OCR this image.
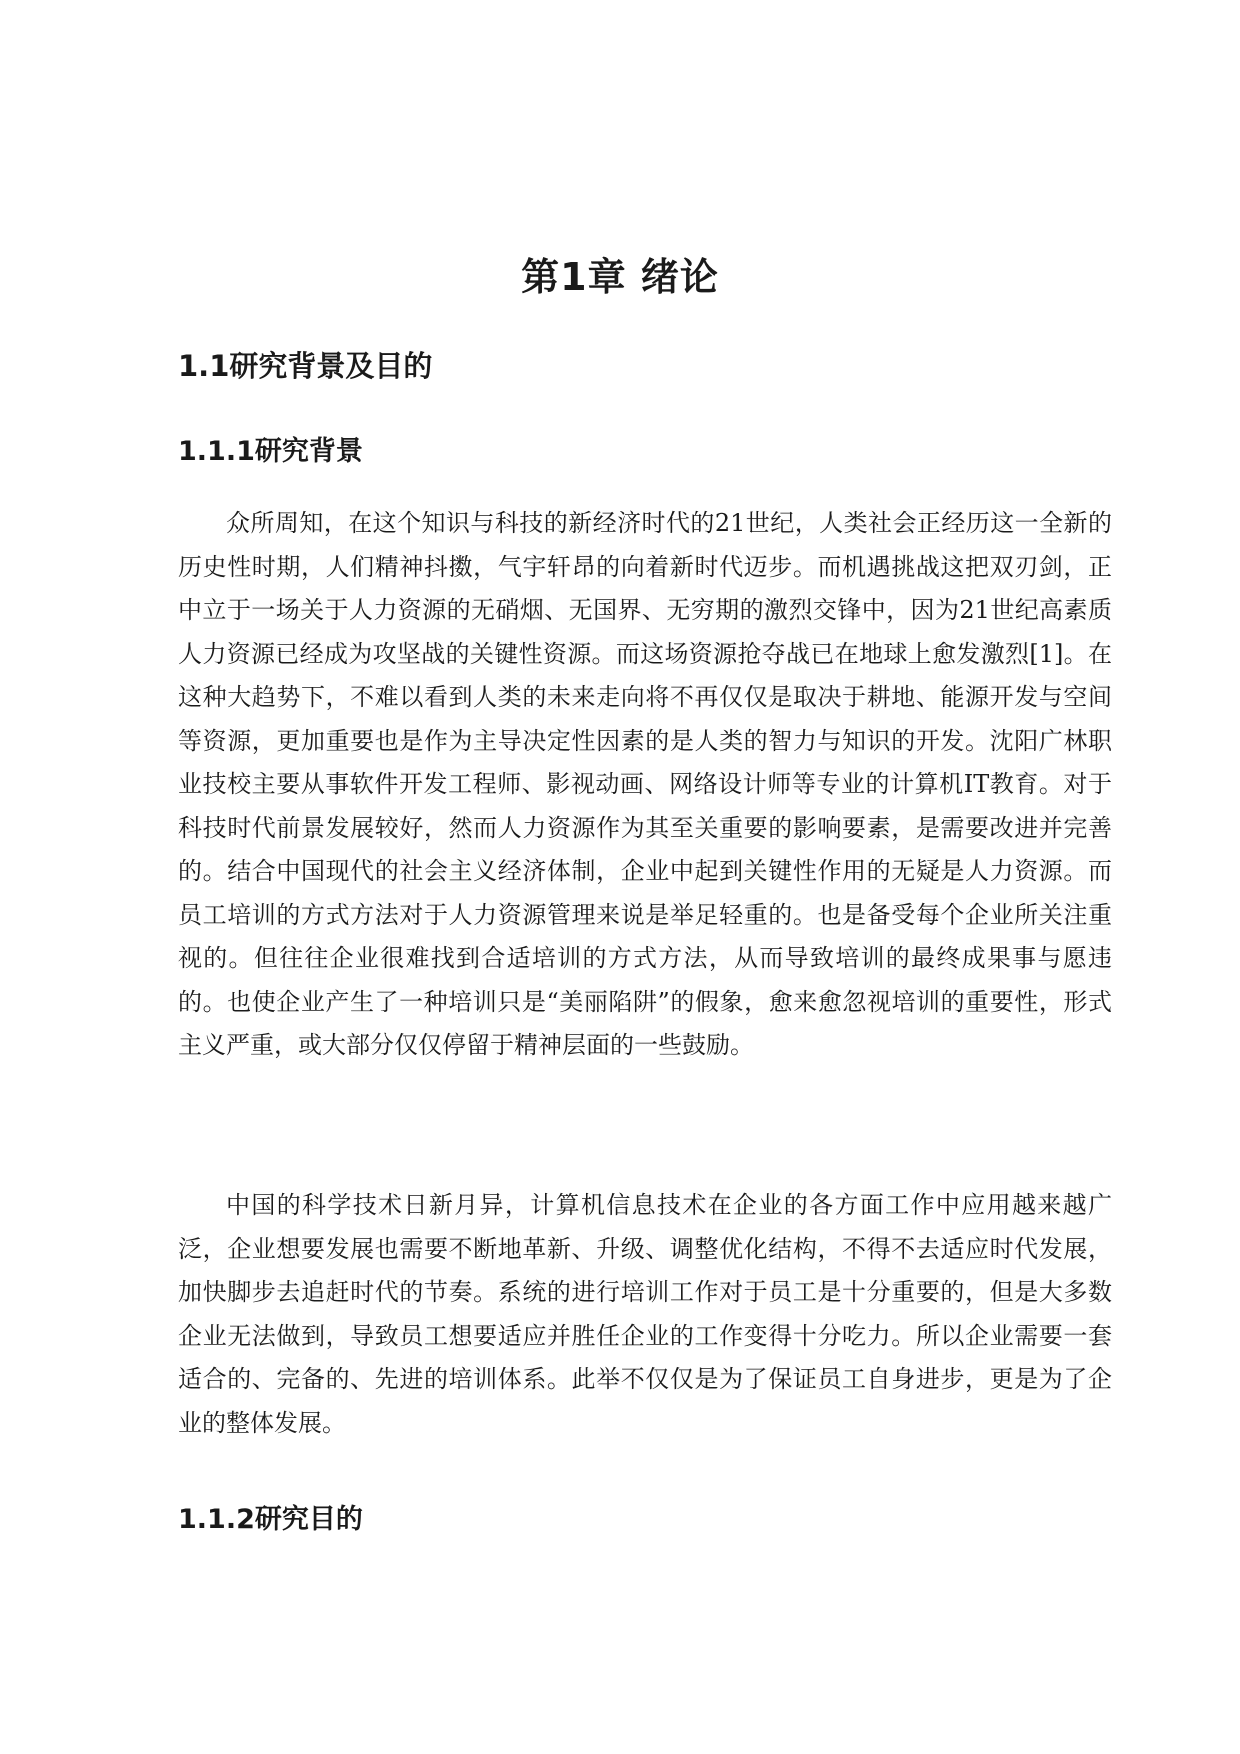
第1章 绪论
1.1研究背景及目的
1.1.1研究背景

众所周知，在这个知识与科技的新经济时代的21世纪，人类社会正经历这一全新的历史性时期，人们精神抖擞，气宇轩昂的向着新时代迈步。而机遇挑战这把双刃剑，正中立于一场关于人力资源的无硝烟、无国界、无穷期的激烈交锋中，因为21世纪高素质人力资源已经成为攻坚战的关键性资源。而这场资源抢夺战已在地球上愈发激烈[1]。在这种大趋势下，不难以看到人类的未来走向将不再仅仅是取决于耕地、能源开发与空间等资源，更加重要也是作为主导决定性因素的是人类的智力与知识的开发。沈阳广林职业技校主要从事软件开发工程师、影视动画、网络设计师等专业的计算机IT教育。对于科技时代前景发展较好，然而人力资源作为其至关重要的影响要素，是需要改进并完善的。结合中国现代的社会主义经济体制，企业中起到关键性作用的无疑是人力资源。而员工培训的方式方法对于人力资源管理来说是举足轻重的。也是备受每个企业所关注重视的。但往往企业很难找到合适培训的方式方法，从而导致培训的最终成果事与愿违的。也使企业产生了一种培训只是“美丽陷阱”的假象，愈来愈忽视培训的重要性，形式主义严重，或大部分仅仅停留于精神层面的一些鼓励。

中国的科学技术日新月异，计算机信息技术在企业的各方面工作中应用越来越广泛，企业想要发展也需要不断地革新、升级、调整优化结构，不得不去适应时代发展，加快脚步去追赶时代的节奏。系统的进行培训工作对于员工是十分重要的，但是大多数企业无法做到，导致员工想要适应并胜任企业的工作变得十分吃力。所以企业需要一套适合的、完备的、先进的培训体系。此举不仅仅是为了保证员工自身进步，更是为了企业的整体发展。

1.1.2研究目的
